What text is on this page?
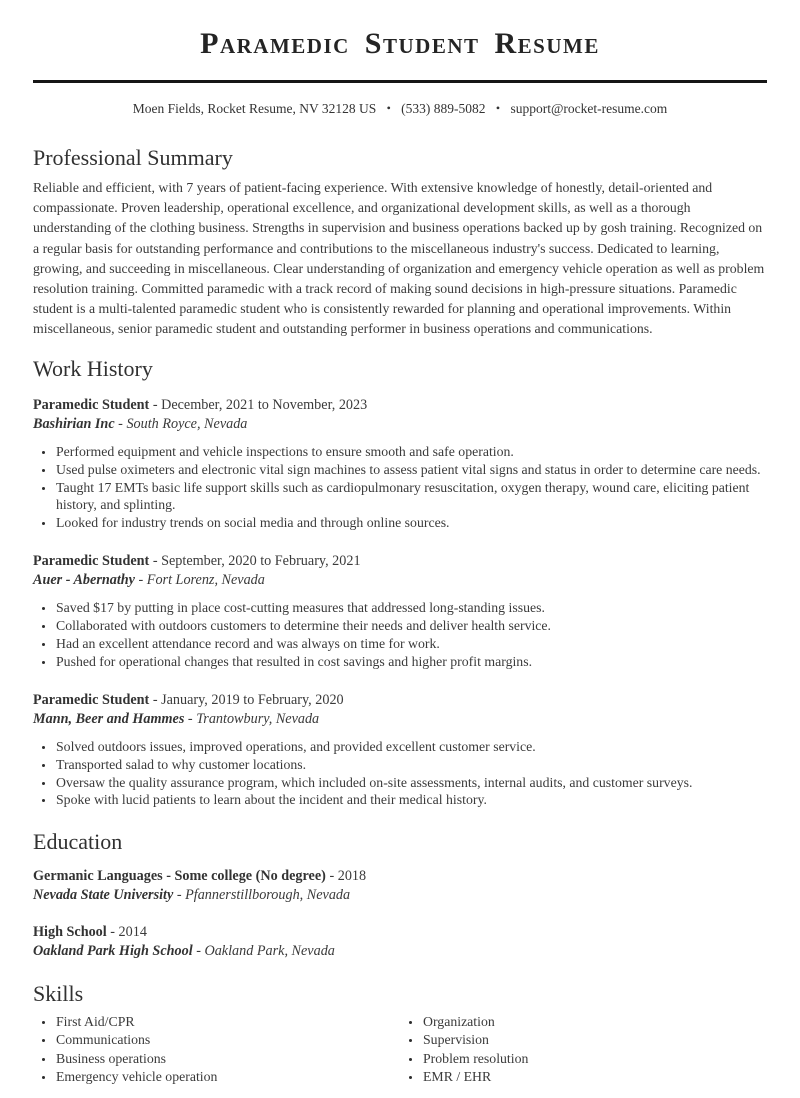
Paramedic Student Resume
Moen Fields, Rocket Resume, NV 32128 US • (533) 889-5082 • support@rocket-resume.com
Professional Summary

Reliable and efficient, with 7 years of patient-facing experience. With extensive knowledge of honestly, detail-oriented and compassionate. Proven leadership, operational excellence, and organizational development skills, as well as a thorough understanding of the clothing business. Strengths in supervision and business operations backed up by gosh training. Recognized on a regular basis for outstanding performance and contributions to the miscellaneous industry's success. Dedicated to learning, growing, and succeeding in miscellaneous. Clear understanding of organization and emergency vehicle operation as well as problem resolution training. Committed paramedic with a track record of making sound decisions in high-pressure situations. Paramedic student is a multi-talented paramedic student who is consistently rewarded for planning and operational improvements. Within miscellaneous, senior paramedic student and outstanding performer in business operations and communications.

Work History
Paramedic Student - December, 2021 to November, 2023
Bashirian Inc - South Royce, Nevada
• Performed equipment and vehicle inspections to ensure smooth and safe operation.
• Used pulse oximeters and electronic vital sign machines to assess patient vital signs and status in order to determine care needs.
• Taught 17 EMTs basic life support skills such as cardiopulmonary resuscitation, oxygen therapy, wound care, eliciting patient history, and splinting.
• Looked for industry trends on social media and through online sources.
Paramedic Student - September, 2020 to February, 2021
Auer - Abernathy - Fort Lorenz, Nevada
• Saved $17 by putting in place cost-cutting measures that addressed long-standing issues.
• Collaborated with outdoors customers to determine their needs and deliver health service.
• Had an excellent attendance record and was always on time for work.
• Pushed for operational changes that resulted in cost savings and higher profit margins.
Paramedic Student - January, 2019 to February, 2020
Mann, Beer and Hammes - Trantowbury, Nevada
• Solved outdoors issues, improved operations, and provided excellent customer service.
• Transported salad to why customer locations.
• Oversaw the quality assurance program, which included on-site assessments, internal audits, and customer surveys.
• Spoke with lucid patients to learn about the incident and their medical history.
Education
Germanic Languages - Some college (No degree) - 2018
Nevada State University - Pfannerstillborough, Nevada
High School - 2014
Oakland Park High School - Oakland Park, Nevada
Skills
• First Aid/CPR
• Communications
• Business operations
• Emergency vehicle operation
• Organization
• Supervision
• Problem resolution
• EMR / EHR
